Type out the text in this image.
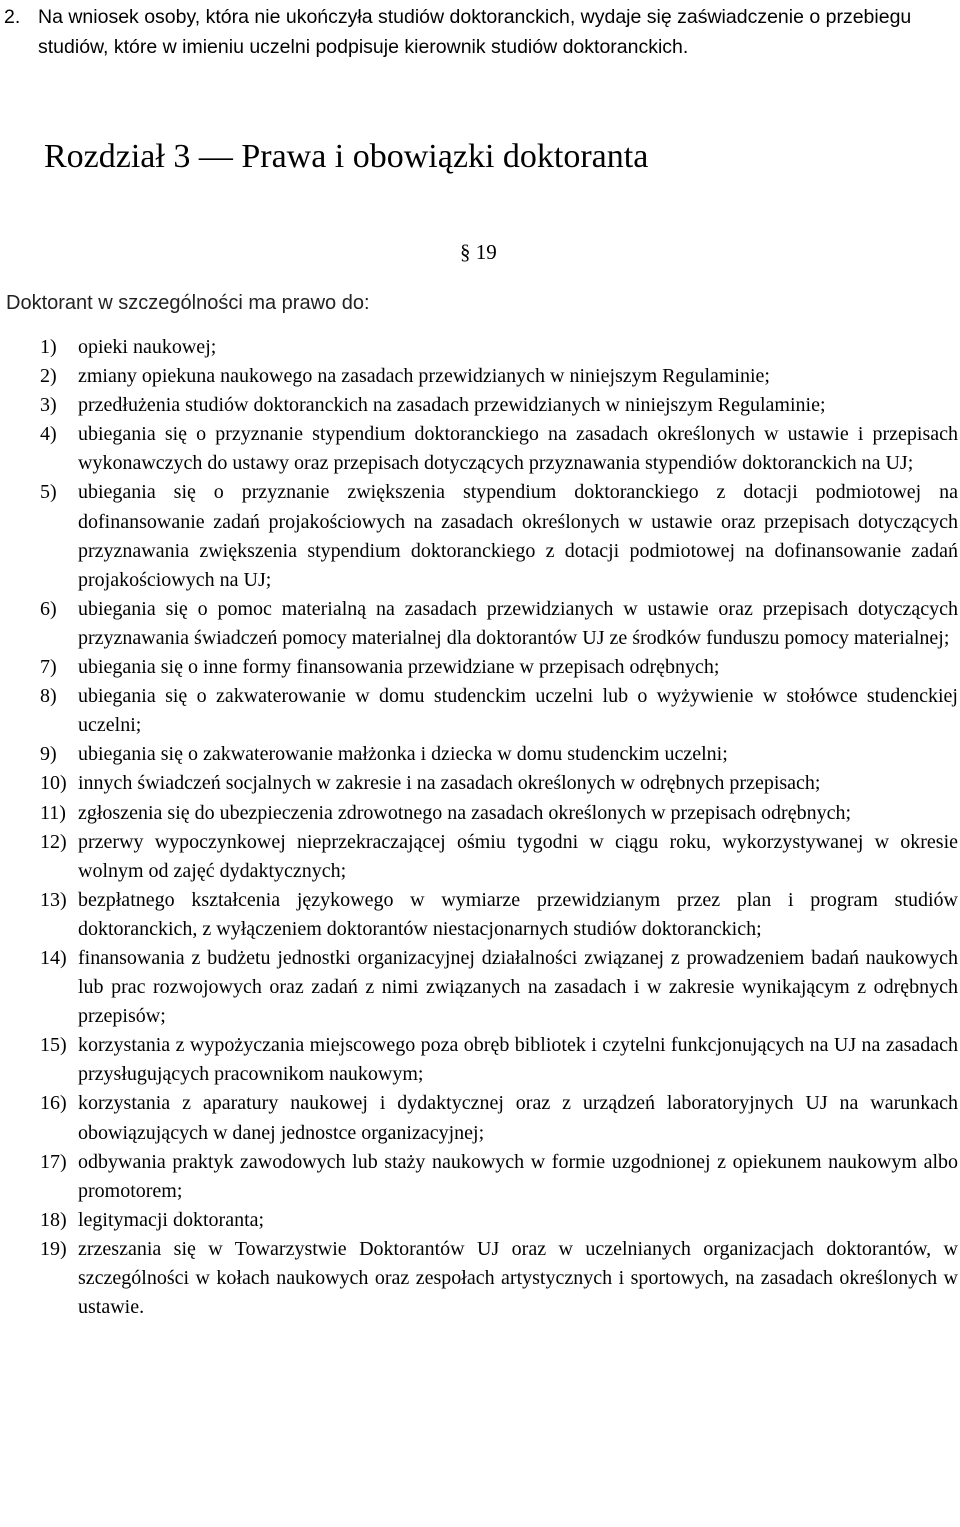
2. Na wniosek osoby, która nie ukończyła studiów doktoranckich, wydaje się zaświadczenie o przebiegu studiów, które w imieniu uczelni podpisuje kierownik studiów doktoranckich.
Rozdział 3 — Prawa i obowiązki doktoranta
§ 19
Doktorant w szczególności ma prawo do:
1) opieki naukowej;
2) zmiany opiekuna naukowego na zasadach przewidzianych w niniejszym Regulaminie;
3) przedłużenia studiów doktoranckich na zasadach przewidzianych w niniejszym Regulaminie;
4) ubiegania się o przyznanie stypendium doktoranckiego na zasadach określonych w ustawie i przepisach wykonawczych do ustawy oraz przepisach dotyczących przyznawania stypendiów doktoranckich na UJ;
5) ubiegania się o przyznanie zwiększenia stypendium doktoranckiego z dotacji podmiotowej na dofinansowanie zadań projakościowych na zasadach określonych w ustawie oraz przepisach dotyczących przyznawania zwiększenia stypendium doktoranckiego z dotacji podmiotowej na dofinansowanie zadań projakościowych na UJ;
6) ubiegania się o pomoc materialną na zasadach przewidzianych w ustawie oraz przepisach dotyczących przyznawania świadczeń pomocy materialnej dla doktorantów UJ ze środków funduszu pomocy materialnej;
7) ubiegania się o inne formy finansowania przewidziane w przepisach odrębnych;
8) ubiegania się o zakwaterowanie w domu studenckim uczelni lub o wyżywienie w stołówce studenckiej uczelni;
9) ubiegania się o zakwaterowanie małżonka i dziecka w domu studenckim uczelni;
10) innych świadczeń socjalnych w zakresie i na zasadach określonych w odrębnych przepisach;
11) zgłoszenia się do ubezpieczenia zdrowotnego na zasadach określonych w przepisach odrębnych;
12) przerwy wypoczynkowej nieprzekraczającej ośmiu tygodni w ciągu roku, wykorzystywanej w okresie wolnym od zajęć dydaktycznych;
13) bezpłatnego kształcenia językowego w wymiarze przewidzianym przez plan i program studiów doktoranckich, z wyłączeniem doktorantów niestacjonarnych studiów doktoranckich;
14) finansowania z budżetu jednostki organizacyjnej działalności związanej z prowadzeniem badań naukowych lub prac rozwojowych oraz zadań z nimi związanych na zasadach i w zakresie wynikającym z odrębnych przepisów;
15) korzystania z wypożyczania miejscowego poza obręb bibliotek i czytelni funkcjonujących na UJ na zasadach przysługujących pracownikom naukowym;
16) korzystania z aparatury naukowej i dydaktycznej oraz z urządzeń laboratoryjnych UJ na warunkach obowiązujących w danej jednostce organizacyjnej;
17) odbywania praktyk zawodowych lub staży naukowych w formie uzgodnionej z opiekunem naukowym albo promotorem;
18) legitymacji doktoranta;
19) zrzeszania się w Towarzystwie Doktorantów UJ oraz w uczelnianych organizacjach doktorantów, w szczególności w kołach naukowych oraz zespołach artystycznych i sportowych, na zasadach określonych w ustawie.
